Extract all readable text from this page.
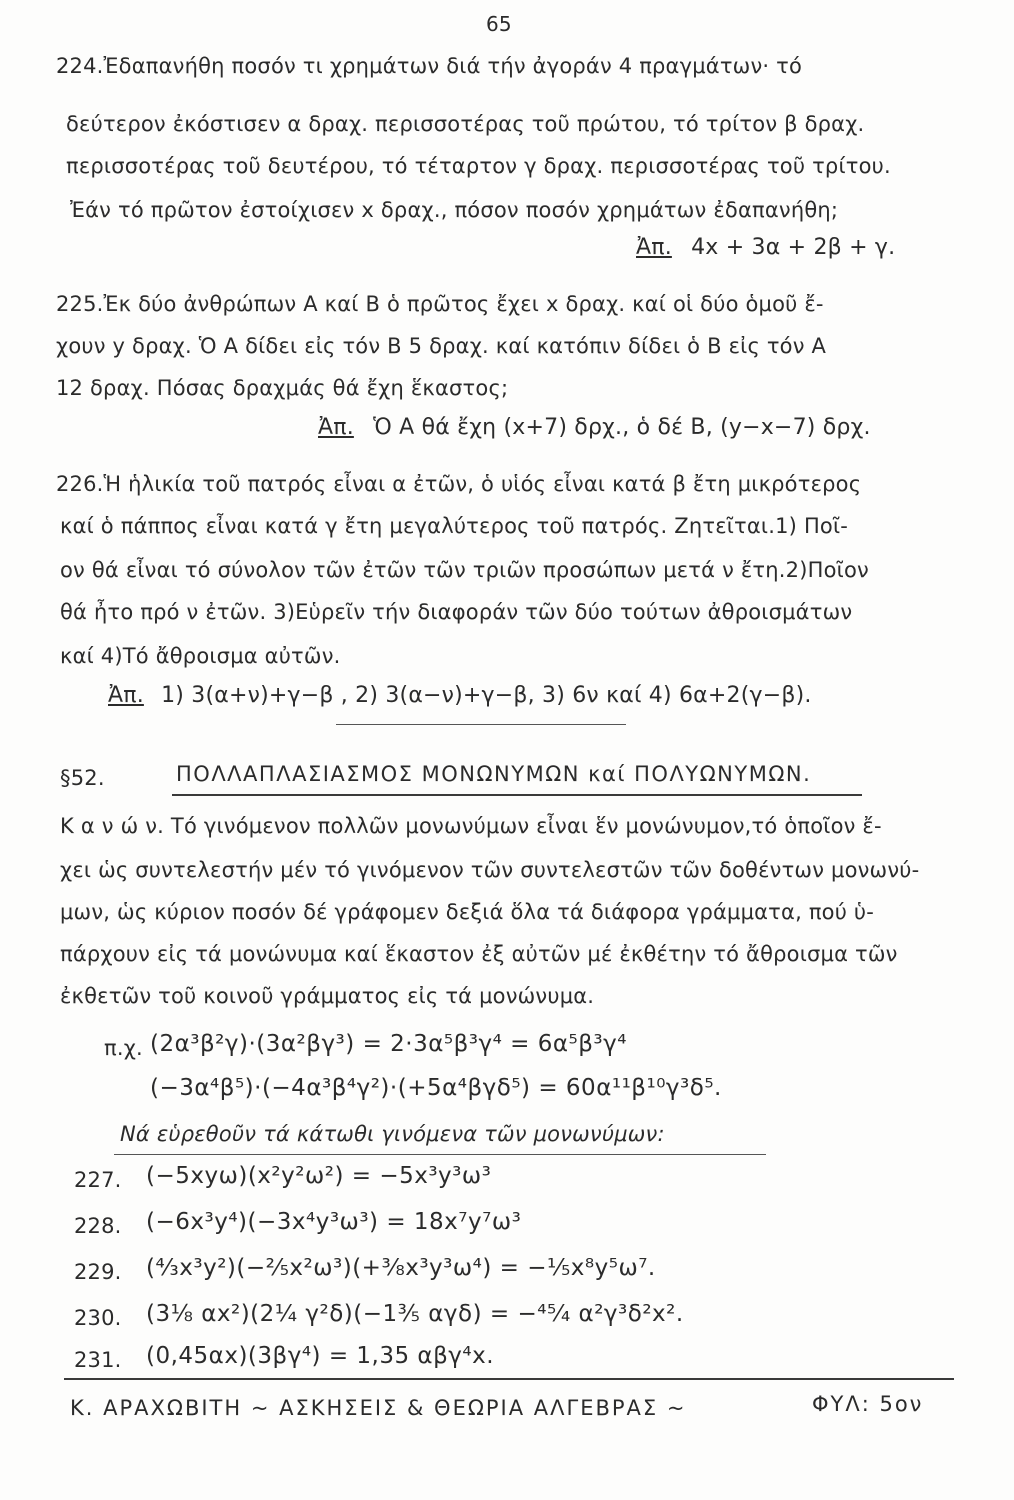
65
224.Ἐδαπανήθη ποσόν τι χρημάτων διά τήν ἀγοράν 4 πραγμάτων· τό
δεύτερον ἐκόστισεν α δραχ. περισσοτέρας τοῦ πρώτου, τό τρίτον β δραχ.
περισσοτέρας τοῦ δευτέρου, τό τέταρτον γ δραχ. περισσοτέρας τοῦ τρίτου.
Ἐάν τό πρῶτον ἐστοίχισεν x δραχ., πόσον ποσόν χρημάτων ἐδαπανήθη;
Ἀπ. 4x + 3α + 2β + γ.
225.Ἐκ δύο ἀνθρώπων Α καί Β ὁ πρῶτος ἔχει x δραχ. καί οἱ δύο ὁμοῦ ἔ-
χουν y δραχ. Ὁ Α δίδει εἰς τόν Β 5 δραχ. καί κατόπιν δίδει ὁ Β εἰς τόν Α
12 δραχ. Πόσας δραχμάς θά ἔχη ἕκαστος;
Ἀπ. Ὁ Α θά ἔχη (x+7) δρχ., ὁ δέ Β, (y−x−7) δρχ.
226.Ἡ ἡλικία τοῦ πατρός εἶναι α ἐτῶν, ὁ υἱός εἶναι κατά β ἔτη μικρότερος
καί ὁ πάππος εἶναι κατά γ ἔτη μεγαλύτερος τοῦ πατρός. Ζητεῖται.1) Ποῖ-
ον θά εἶναι τό σύνολον τῶν ἐτῶν τῶν τριῶν προσώπων μετά ν ἔτη.2)Ποῖον
θά ἦτο πρό ν ἐτῶν. 3)Εὑρεῖν τήν διαφοράν τῶν δύο τούτων ἀθροισμάτων
καί 4)Τό ἄθροισμα αὐτῶν.
Ἀπ. 1) 3(α+ν)+γ−β , 2) 3(α−ν)+γ−β, 3) 6ν καί 4) 6α+2(γ−β).
§52.	ΠΟΛΛΑΠΛΑΣΙΑΣΜΟΣ ΜΟΝΩΝΥΜΩΝ καί ΠΟΛΥΩΝΥΜΩΝ.
Κ α ν ώ ν. Τό γινόμενον πολλῶν μονωνύμων εἶναι ἕν μονώνυμον,τό ὁποῖον ἔ-
χει ὡς συντελεστήν μέν τό γινόμενον τῶν συντελεστῶν τῶν δοθέντων μονωνύ-
μων, ὡς κύριον ποσόν δέ γράφομεν δεξιά ὅλα τά διάφορα γράμματα, πού ὑ-
πάρχουν εἰς τά μονώνυμα καί ἕκαστον ἐξ αὐτῶν μέ ἐκθέτην τό ἄθροισμα τῶν
ἐκθετῶν τοῦ κοινοῦ γράμματος εἰς τά μονώνυμα.
π.χ. (2α³β²γ)·(3α²βγ³) = 2·3α⁵β³γ⁴ = 6α⁵β³γ⁴
(−3α⁴β⁵)·(−4α³β⁴γ²)·(+5α⁴βγδ⁵) = 60α¹¹β¹⁰γ³δ⁵.
Νά εὑρεθοῦν τά κάτωθι γινόμενα τῶν μονωνύμων:
227. (−5xyω)(x²y²ω²) = −5x³y³ω³
228. (−6x³y⁴)(−3x⁴y³ω³) = 18x⁷y⁷ω³
229. (⁴⁄₃x³y²)(−²⁄₅x²ω³)(+³⁄₈x³y³ω⁴) = −¹⁄₅x⁸y⁵ω⁷.
230. (3⅛ αx²)(2¼ γ²δ)(−1⅗ αγδ) = −⁴⁵⁄₄ α²γ³δ²x².
231. (0,45αx)(3βγ⁴) = 1,35 αβγ⁴x.
Κ. ΑΡΑΧΩΒΙΤΗ ~ ΑΣΚΗΣΕΙΣ & ΘΕΩΡΙΑ ΑΛΓΕΒΡΑΣ ~	ΦΥΛ: 5ον
